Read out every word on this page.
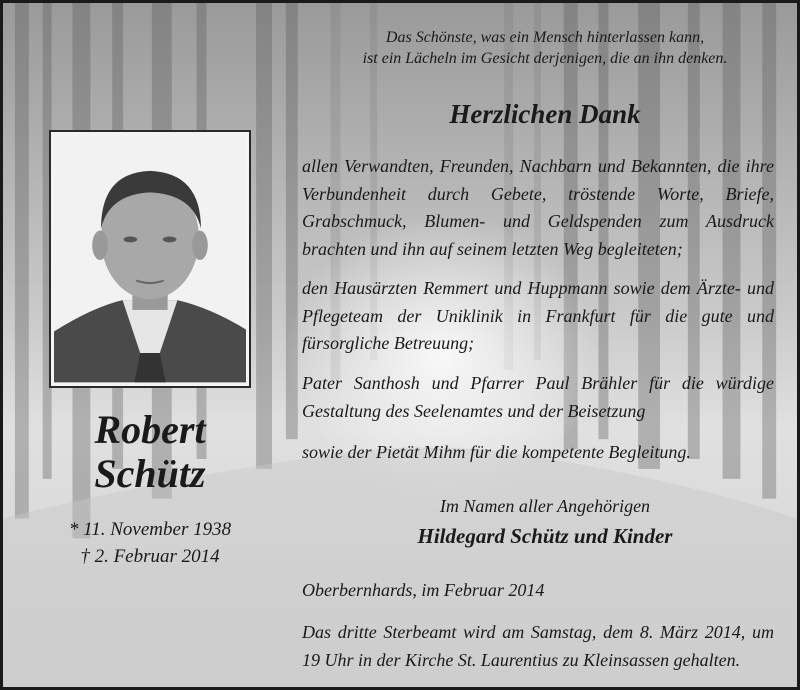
Das Schönste, was ein Mensch hinterlassen kann,
ist ein Lächeln im Gesicht derjenigen, die an ihn denken.
Herzlichen Dank
Robert
Schütz
* 11. November 1938
† 2. Februar 2014

allen Verwandten, Freunden, Nachbarn und Bekannten, die ihre Verbundenheit durch Gebete, tröstende Worte, Briefe, Grabschmuck, Blumen- und Geldspenden zum Ausdruck brachten und ihn auf seinem letzten Weg begleiteten;

den Hausärzten Remmert und Huppmann sowie dem Ärzte- und Pflegeteam der Uniklinik in Frankfurt für die gute und fürsorgliche Betreuung;

Pater Santhosh und Pfarrer Paul Brähler für die würdige Gestaltung des Seelenamtes und der Beisetzung

sowie der Pietät Mihm für die kompetente Begleitung.

Im Namen aller Angehörigen
Hildegard Schütz und Kinder
Oberbernhards, im Februar 2014

Das dritte Sterbeamt wird am Samstag, dem 8. März 2014, um 19 Uhr in der Kirche St. Laurentius zu Kleinsassen gehalten.
